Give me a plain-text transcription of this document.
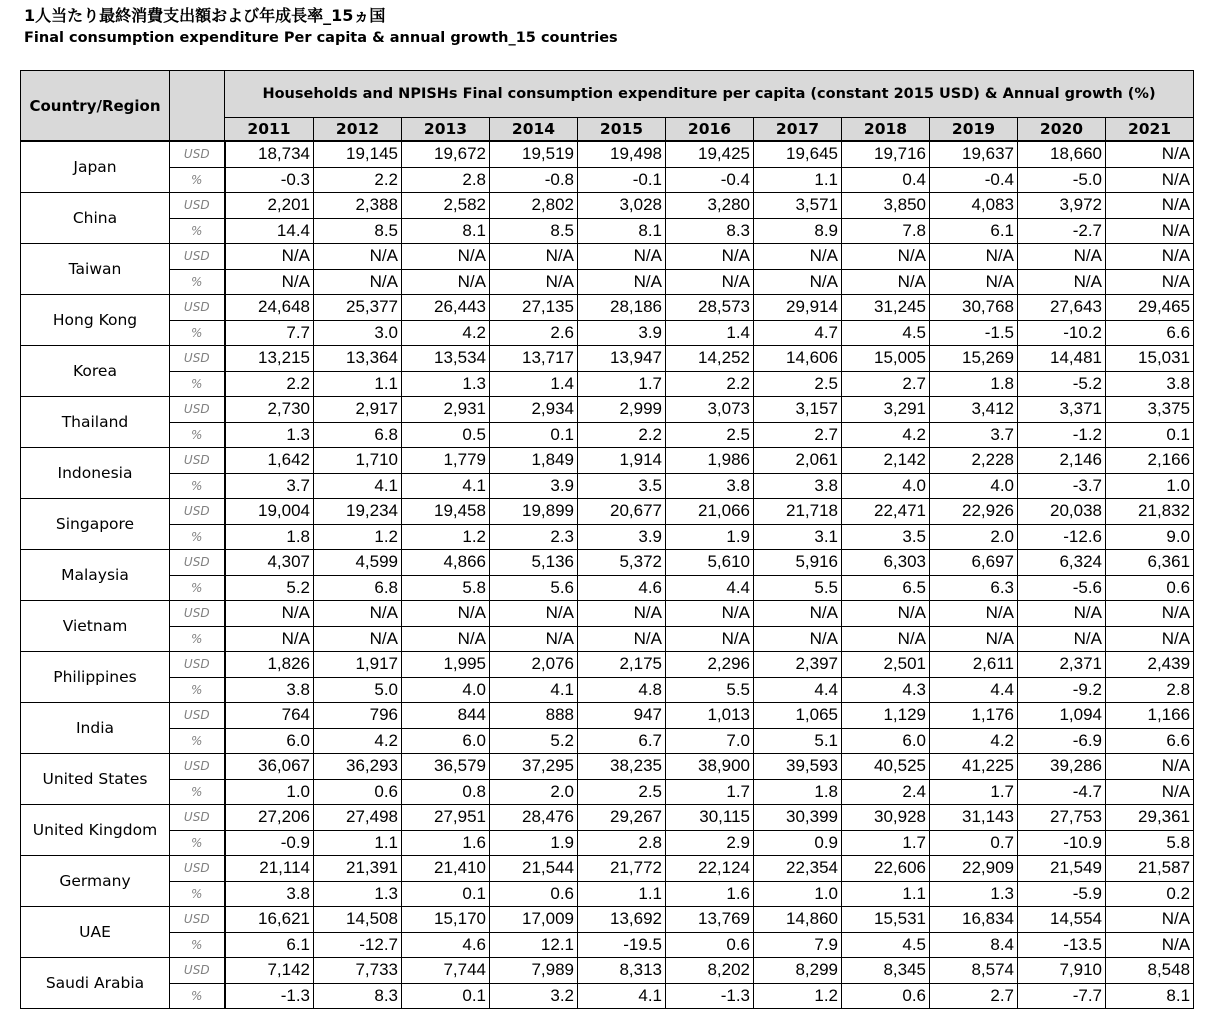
1人当たり最終消費支出額および年成長率_15ヵ国
Final consumption expenditure Per capita & annual growth_15 countries
Country/Region		Households and NPISHs Final consumption expenditure per capita (constant 2015 USD) & Annual growth (%)										
		2011	2012	2013	2014	2015	2016	2017	2018	2019	2020	2021
Japan	USD	18,734	19,145	19,672	19,519	19,498	19,425	19,645	19,716	19,637	18,660	N/A
	%	-0.3	2.2	2.8	-0.8	-0.1	-0.4	1.1	0.4	-0.4	-5.0	N/A
China	USD	2,201	2,388	2,582	2,802	3,028	3,280	3,571	3,850	4,083	3,972	N/A
	%	14.4	8.5	8.1	8.5	8.1	8.3	8.9	7.8	6.1	-2.7	N/A
Taiwan	USD	N/A	N/A	N/A	N/A	N/A	N/A	N/A	N/A	N/A	N/A	N/A
	%	N/A	N/A	N/A	N/A	N/A	N/A	N/A	N/A	N/A	N/A	N/A
Hong Kong	USD	24,648	25,377	26,443	27,135	28,186	28,573	29,914	31,245	30,768	27,643	29,465
	%	7.7	3.0	4.2	2.6	3.9	1.4	4.7	4.5	-1.5	-10.2	6.6
Korea	USD	13,215	13,364	13,534	13,717	13,947	14,252	14,606	15,005	15,269	14,481	15,031
	%	2.2	1.1	1.3	1.4	1.7	2.2	2.5	2.7	1.8	-5.2	3.8
Thailand	USD	2,730	2,917	2,931	2,934	2,999	3,073	3,157	3,291	3,412	3,371	3,375
	%	1.3	6.8	0.5	0.1	2.2	2.5	2.7	4.2	3.7	-1.2	0.1
Indonesia	USD	1,642	1,710	1,779	1,849	1,914	1,986	2,061	2,142	2,228	2,146	2,166
	%	3.7	4.1	4.1	3.9	3.5	3.8	3.8	4.0	4.0	-3.7	1.0
Singapore	USD	19,004	19,234	19,458	19,899	20,677	21,066	21,718	22,471	22,926	20,038	21,832
	%	1.8	1.2	1.2	2.3	3.9	1.9	3.1	3.5	2.0	-12.6	9.0
Malaysia	USD	4,307	4,599	4,866	5,136	5,372	5,610	5,916	6,303	6,697	6,324	6,361
	%	5.2	6.8	5.8	5.6	4.6	4.4	5.5	6.5	6.3	-5.6	0.6
Vietnam	USD	N/A	N/A	N/A	N/A	N/A	N/A	N/A	N/A	N/A	N/A	N/A
	%	N/A	N/A	N/A	N/A	N/A	N/A	N/A	N/A	N/A	N/A	N/A
Philippines	USD	1,826	1,917	1,995	2,076	2,175	2,296	2,397	2,501	2,611	2,371	2,439
	%	3.8	5.0	4.0	4.1	4.8	5.5	4.4	4.3	4.4	-9.2	2.8
India	USD	764	796	844	888	947	1,013	1,065	1,129	1,176	1,094	1,166
	%	6.0	4.2	6.0	5.2	6.7	7.0	5.1	6.0	4.2	-6.9	6.6
United States	USD	36,067	36,293	36,579	37,295	38,235	38,900	39,593	40,525	41,225	39,286	N/A
	%	1.0	0.6	0.8	2.0	2.5	1.7	1.8	2.4	1.7	-4.7	N/A
United Kingdom	USD	27,206	27,498	27,951	28,476	29,267	30,115	30,399	30,928	31,143	27,753	29,361
	%	-0.9	1.1	1.6	1.9	2.8	2.9	0.9	1.7	0.7	-10.9	5.8
Germany	USD	21,114	21,391	21,410	21,544	21,772	22,124	22,354	22,606	22,909	21,549	21,587
	%	3.8	1.3	0.1	0.6	1.1	1.6	1.0	1.1	1.3	-5.9	0.2
UAE	USD	16,621	14,508	15,170	17,009	13,692	13,769	14,860	15,531	16,834	14,554	N/A
	%	6.1	-12.7	4.6	12.1	-19.5	0.6	7.9	4.5	8.4	-13.5	N/A
Saudi Arabia	USD	7,142	7,733	7,744	7,989	8,313	8,202	8,299	8,345	8,574	7,910	8,548
	%	-1.3	8.3	0.1	3.2	4.1	-1.3	1.2	0.6	2.7	-7.7	8.1
